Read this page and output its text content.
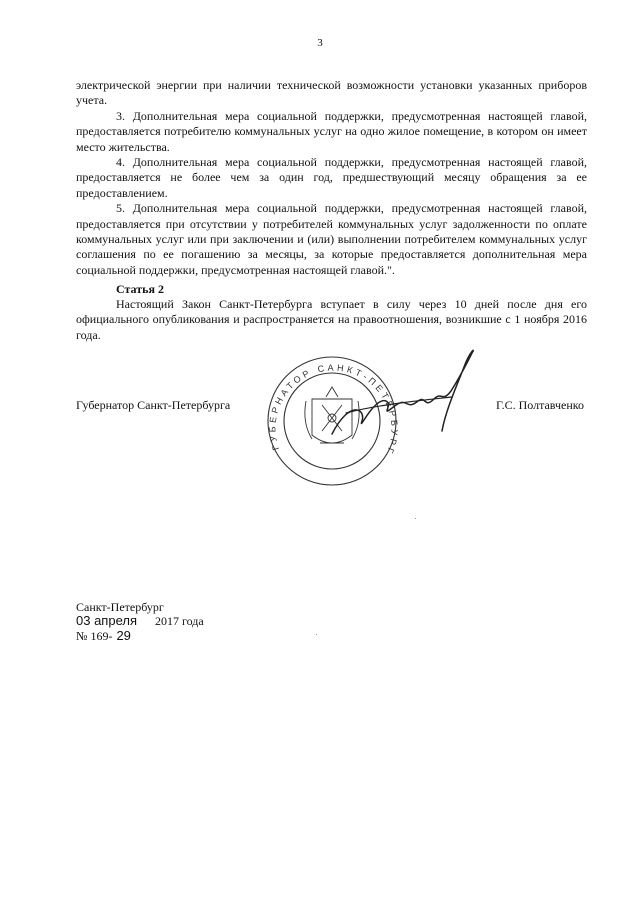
3

электрической энергии при наличии технической возможности установки указанных приборов учета.

3. Дополнительная мера социальной поддержки, предусмотренная настоящей главой, предоставляется потребителю коммунальных услуг на одно жилое помещение, в котором он имеет место жительства.

4. Дополнительная мера социальной поддержки, предусмотренная настоящей главой, предоставляется не более чем за один год, предшествующий месяцу обращения за ее предоставлением.

5. Дополнительная мера социальной поддержки, предусмотренная настоящей главой, предоставляется при отсутствии у потребителей коммунальных услуг задолженности по оплате коммунальных услуг или при заключении и (или) выполнении потребителем коммунальных услуг соглашения по ее погашению за месяцы, за которые предоставляется дополнительная мера социальной поддержки, предусмотренная настоящей главой.".

Статья 2

Настоящий Закон Санкт-Петербурга вступает в силу через 10 дней после дня его официального опубликования и распространяется на правоотношения, возникшие с 1 ноября 2016 года.

Губернатор Санкт-Петербурга	Г.С. Полтавченко
ГУБЕРНАТОР САНКТ-ПЕТЕРБУРГ
Санкт-Петербург
03 апреля 2017 года
№ 169- 29
